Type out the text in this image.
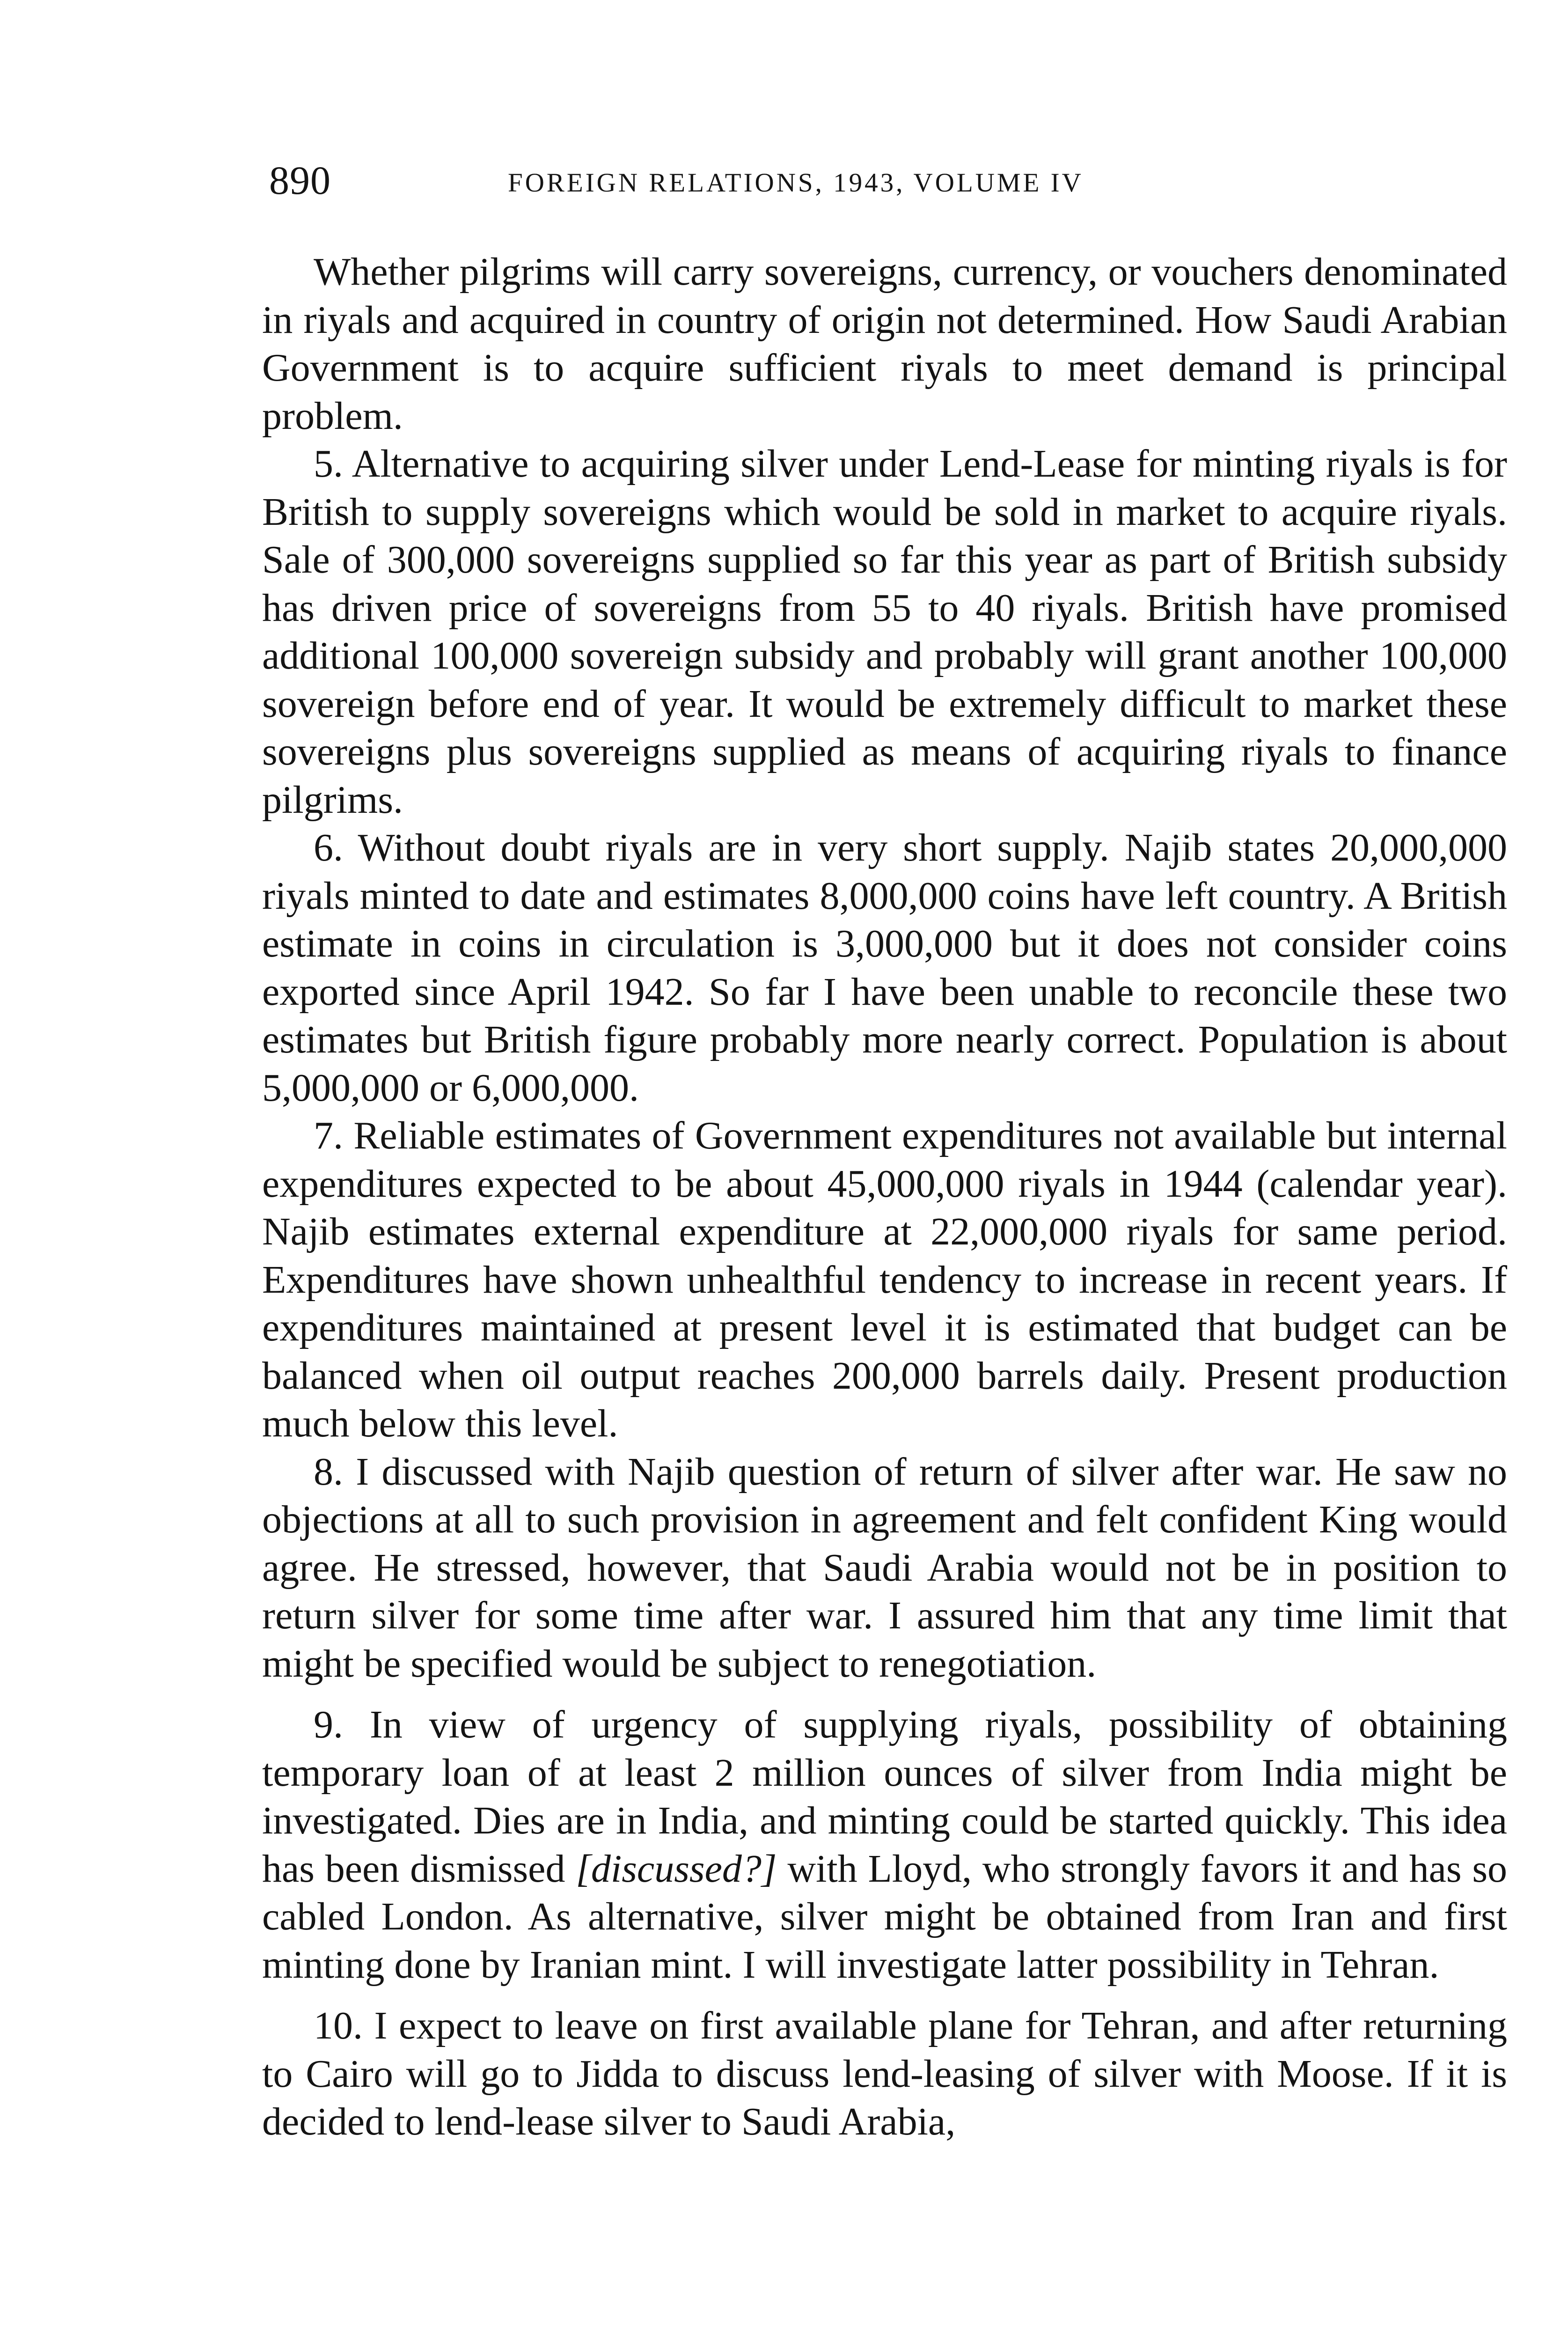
890	FOREIGN RELATIONS, 1943, VOLUME IV

Whether pilgrims will carry sovereigns, currency, or vouchers denominated in riyals and acquired in country of origin not determined. How Saudi Arabian Government is to acquire sufficient riyals to meet demand is principal problem.

5. Alternative to acquiring silver under Lend-Lease for minting riyals is for British to supply sovereigns which would be sold in market to acquire riyals. Sale of 300,000 sovereigns supplied so far this year as part of British subsidy has driven price of sovereigns from 55 to 40 riyals. British have promised additional 100,000 sovereign subsidy and probably will grant another 100,000 sovereign before end of year. It would be extremely difficult to market these sovereigns plus sovereigns supplied as means of acquiring riyals to finance pilgrims.

6. Without doubt riyals are in very short supply. Najib states 20,000,000 riyals minted to date and estimates 8,000,000 coins have left country. A British estimate in coins in circulation is 3,000,000 but it does not consider coins exported since April 1942. So far I have been unable to reconcile these two estimates but British figure probably more nearly correct. Population is about 5,000,000 or 6,000,000.

7. Reliable estimates of Government expenditures not available but internal expenditures expected to be about 45,000,000 riyals in 1944 (calendar year). Najib estimates external expenditure at 22,000,000 riyals for same period. Expenditures have shown unhealthful tendency to increase in recent years. If expenditures maintained at present level it is estimated that budget can be balanced when oil output reaches 200,000 barrels daily. Present production much below this level.

8. I discussed with Najib question of return of silver after war. He saw no objections at all to such provision in agreement and felt confident King would agree. He stressed, however, that Saudi Arabia would not be in position to return silver for some time after war. I assured him that any time limit that might be specified would be subject to renegotiation.

9. In view of urgency of supplying riyals, possibility of obtaining temporary loan of at least 2 million ounces of silver from India might be investigated. Dies are in India, and minting could be started quickly. This idea has been dismissed [discussed?] with Lloyd, who strongly favors it and has so cabled London. As alternative, silver might be obtained from Iran and first minting done by Iranian mint. I will investigate latter possibility in Tehran.

10. I expect to leave on first available plane for Tehran, and after returning to Cairo will go to Jidda to discuss lend-leasing of silver with Moose. If it is decided to lend-lease silver to Saudi Arabia,
